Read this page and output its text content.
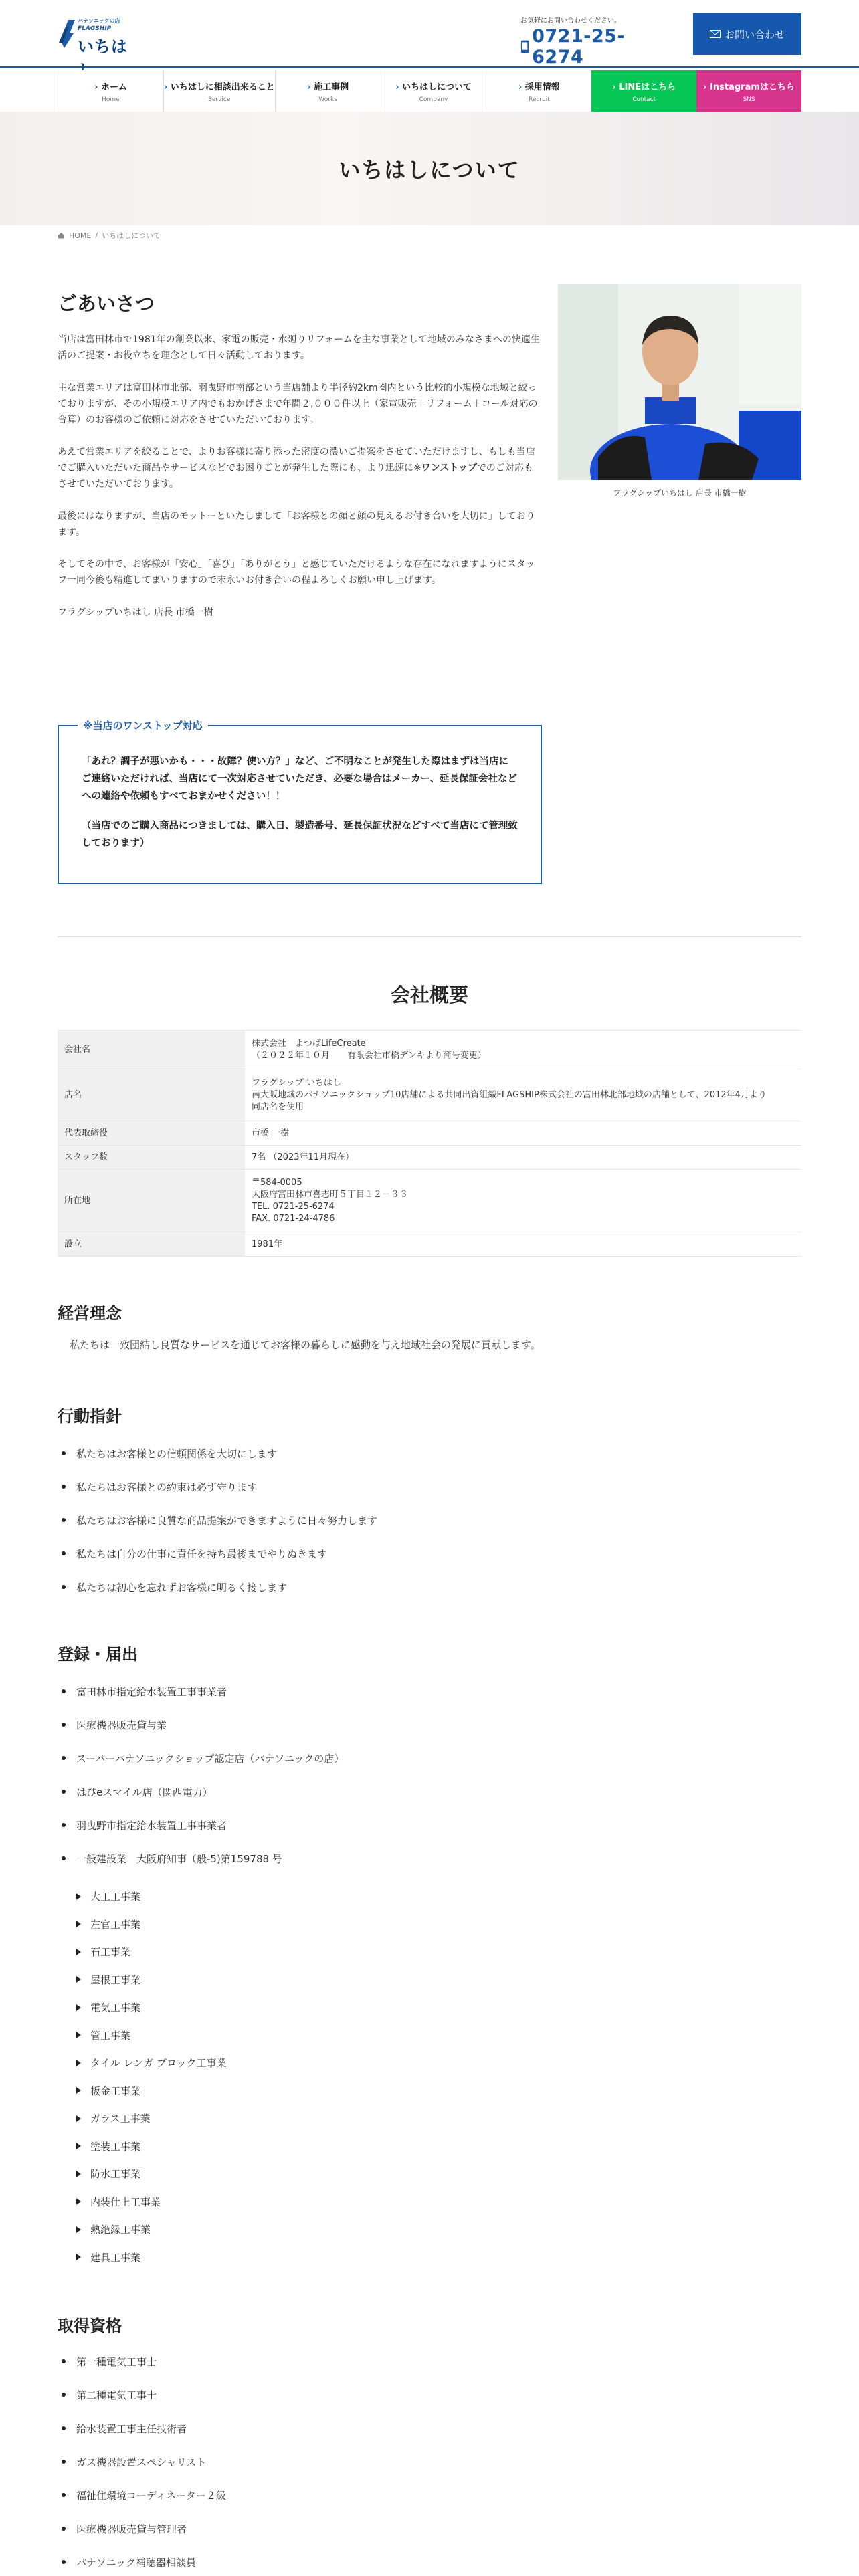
パナソニックの店
FLAGSHIP
いちは
お気軽にお問い合わせください。
0721-25-6274
お問い合わせ
› ホーム
Home
› いちはしに相談出来ること
Service
› 施工事例
Works
› いちはしについて
Company
› 採用情報
Recruit
› LINEはこちら
Contact
› Instagramはこちら
SNS
いちはしについて
HOME / いちはしについて
ごあいさつ

当店は富田林市で1981年の創業以来、家電の販売・水廻りリフォームを主な事業として地域のみなさまへの快適生活のご提案・お役立ちを理念として日々活動しております。

主な営業エリアは富田林市北部、羽曳野市南部という当店舗より半径約2km圏内という比較的小規模な地域と絞っておりますが、その小規模エリア内でもおかげさまで年間２,０００件以上（家電販売＋リフォーム＋コール対応の合算）のお客様のご依頼に対応をさせていただいております。

あえて営業エリアを絞ることで、よりお客様に寄り添った密度の濃いご提案をさせていただけますし、もしも当店でご購入いただいた商品やサービスなどでお困りごとが発生した際にも、より迅速に※ワンストップでのご対応もさせていただいております。

最後にはなりますが、当店のモットーといたしまして「お客様との顔と顔の見えるお付き合いを大切に」しております。

そしてその中で、お客様が「安心」「喜び」「ありがとう」と感じていただけるような存在になれますようにスタッフ一同今後も精進してまいりますので末永いお付き合いの程よろしくお願い申し上げます。

フラグシップいちはし 店長 市橋一樹

フラグシップいちはし 店長 市橋一樹
※当店のワンストップ対応

「あれ？調子が悪いかも・・・故障？使い方？」など、ご不明なことが発生した際はまずは当店にご連絡いただければ、当店にて一次対応させていただき、必要な場合はメーカー、延長保証会社などへの連絡や依頼もすべておまかせください！！

（当店でのご購入商品につきましては、購入日、製造番号、延長保証状況などすべて当店にて管理致しております）

会社概要
会社名	株式会社　よつばLifeCreate
（２０２２年１０月　　有限会社市橋デンキより商号変更）

店名	フラグシップ いちはし
南大阪地域のパナソニックショップ10店舗による共同出資組織FLAGSHIP株式会社の富田林北部地域の店舗として、2012年4月より
同店名を使用

代表取締役	市橋 一樹
スタッフ数	7名 （2023年11月現在）
所在地	〒584-0005
大阪府富田林市喜志町５丁目１２－３３
TEL. 0721-25-6274
FAX. 0721-24-4786

設立	1981年
経営理念
私たちは一致団結し良質なサービスを通じてお客様の暮らしに感動を与え地域社会の発展に貢献します。
行動指針
私たちはお客様との信頼関係を大切にします
私たちはお客様との約束は必ず守ります
私たちはお客様に良質な商品提案ができますように日々努力します
私たちは自分の仕事に責任を持ち最後までやりぬきます
私たちは初心を忘れずお客様に明るく接します
登録・届出
富田林市指定給水装置工事事業者
医療機器販売貸与業
スーパーパナソニックショップ認定店（パナソニックの店）
はぴeスマイル店（関西電力）
羽曳野市指定給水装置工事事業者
一般建設業　大阪府知事（般-5)第159788 号
大工工事業
左官工事業
石工事業
屋根工事業
電気工事業
管工事業
タイル レンガ ブロック工事業
板金工事業
ガラス工事業
塗装工事業
防水工事業
内装仕上工事業
熱絶縁工事業
建具工事業
取得資格
第一種電気工事士
第二種電気工事士
給水装置工事主任技術者
ガス機器設置スペシャリスト
福祉住環境コーディネーター２級
医療機器販売貸与管理者
パナソニック補聴器相談員
